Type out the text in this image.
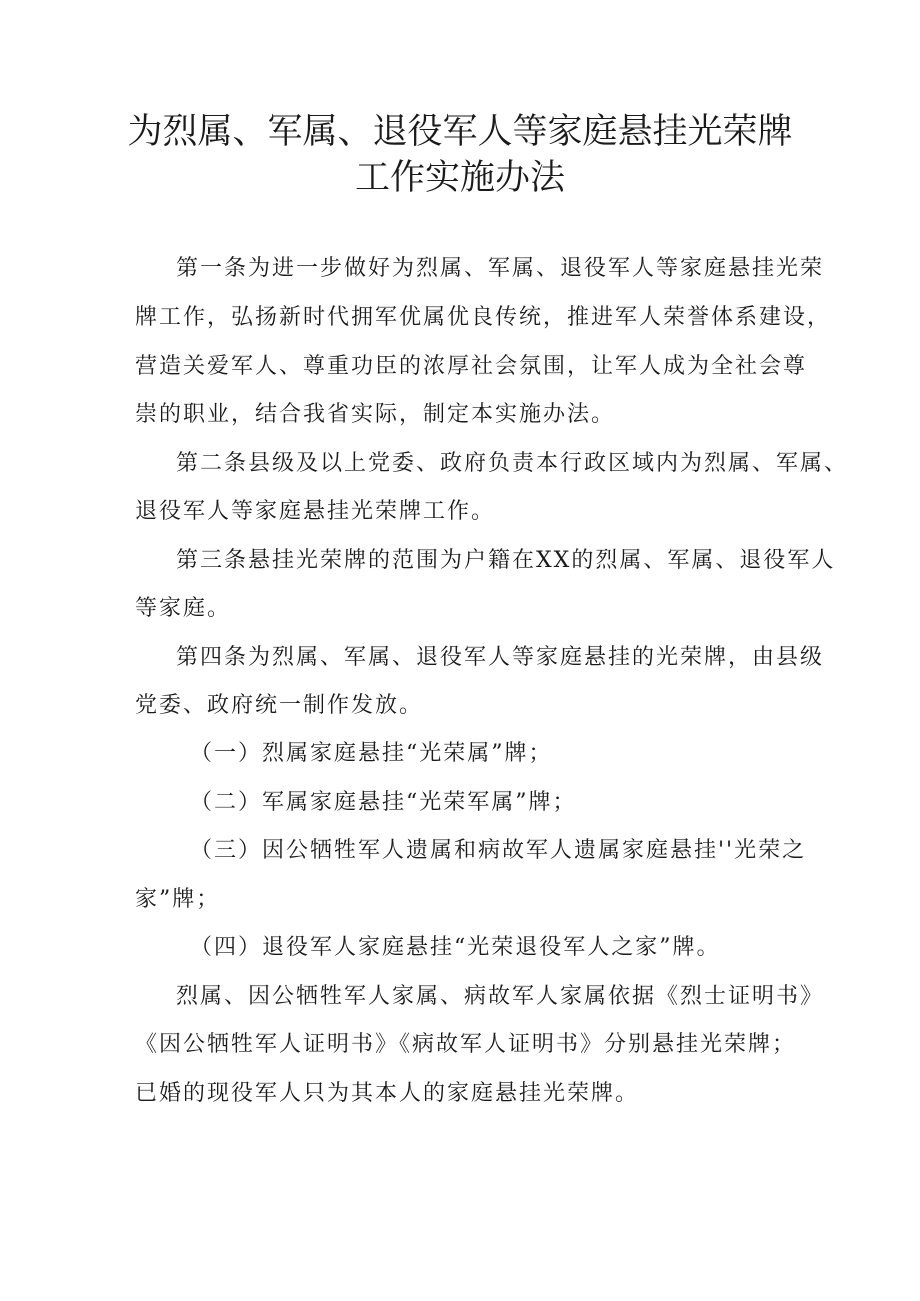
为烈属、军属、退役军人等家庭悬挂光荣牌
工作实施办法

第一条为进一步做好为烈属、军属、退役军人等家庭悬挂光荣

牌工作，弘扬新时代拥军优属优良传统，推进军人荣誉体系建设，

营造关爱军人、尊重功臣的浓厚社会氛围，让军人成为全社会尊

崇的职业，结合我省实际，制定本实施办法。

第二条县级及以上党委、政府负责本行政区域内为烈属、军属、

退役军人等家庭悬挂光荣牌工作。

第三条悬挂光荣牌的范围为户籍在XX的烈属、军属、退役军人

等家庭。

第四条为烈属、军属、退役军人等家庭悬挂的光荣牌，由县级

党委、政府统一制作发放。

（一）烈属家庭悬挂“光荣属”牌；

（二）军属家庭悬挂“光荣军属”牌；

（三）因公牺牲军人遗属和病故军人遗属家庭悬挂''光荣之

家”牌；

（四）退役军人家庭悬挂“光荣退役军人之家”牌。

烈属、因公牺牲军人家属、病故军人家属依据《烈士证明书》

《因公牺牲军人证明书》《病故军人证明书》分别悬挂光荣牌；

已婚的现役军人只为其本人的家庭悬挂光荣牌。
